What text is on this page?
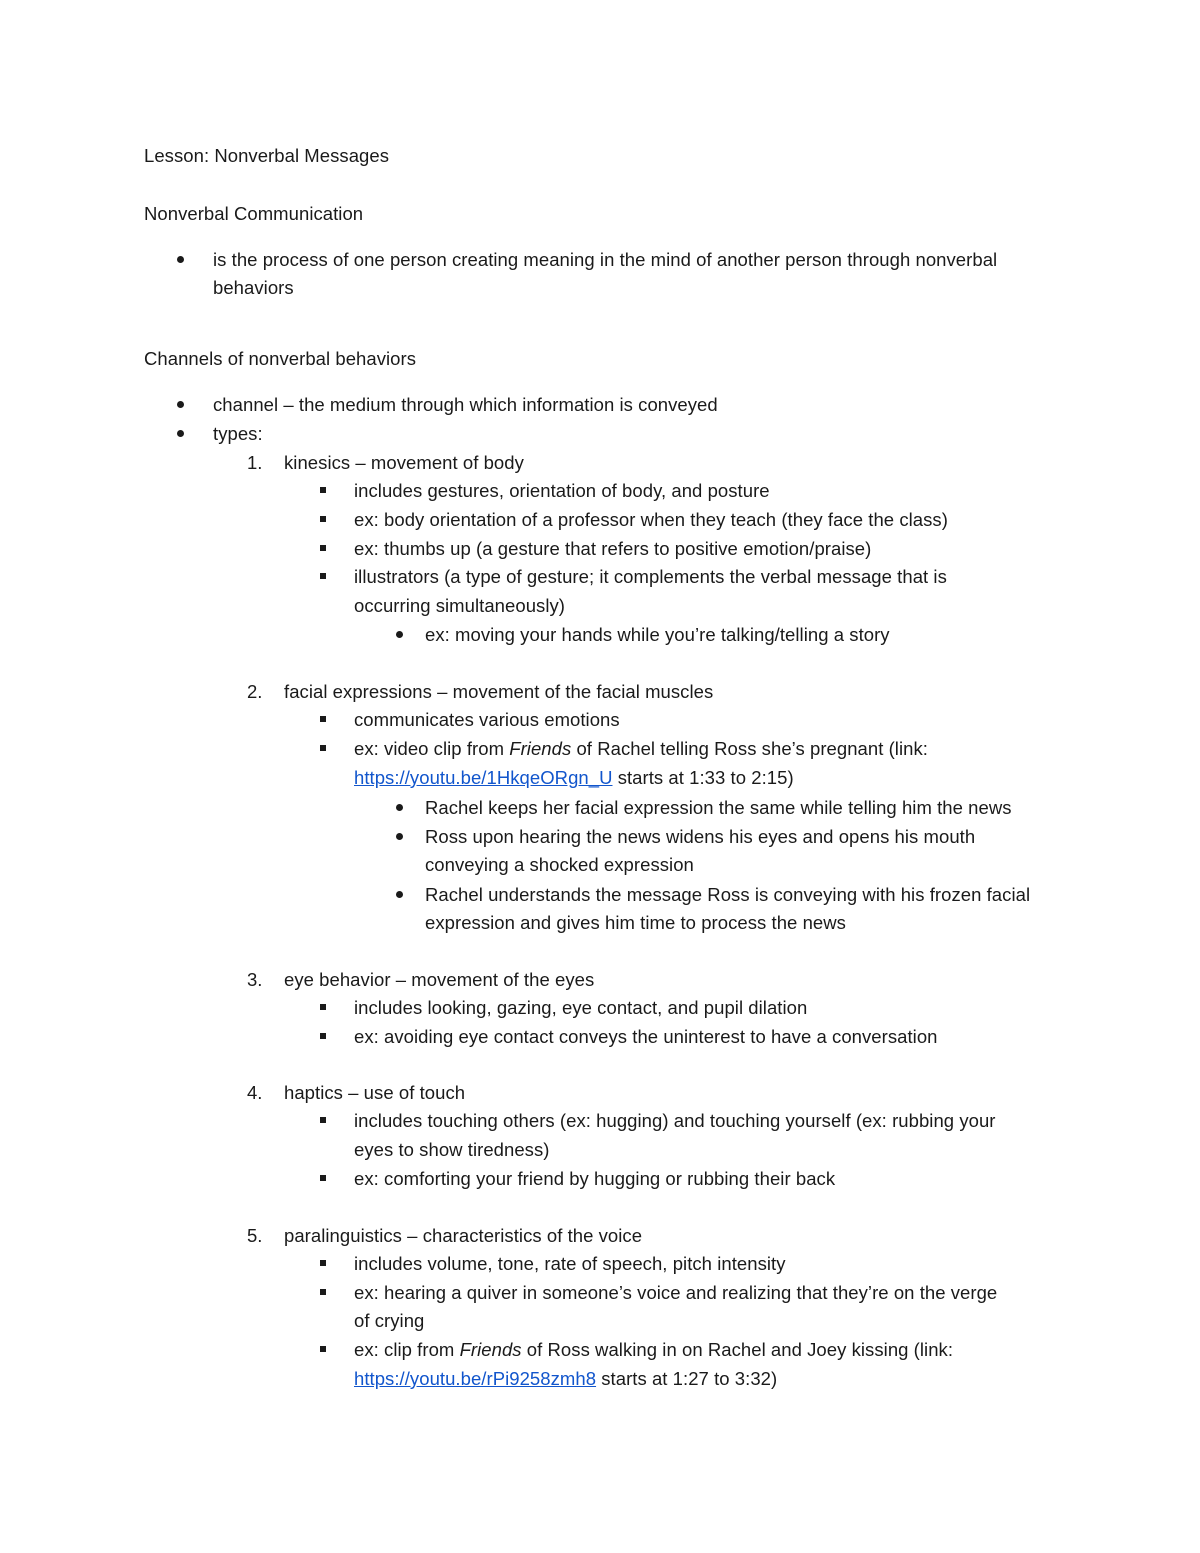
Lesson: Nonverbal Messages
Nonverbal Communication
is the process of one person creating meaning in the mind of another person through nonverbal
behaviors
Channels of nonverbal behaviors
channel – the medium through which information is conveyed
types:
1. kinesics – movement of body
includes gestures, orientation of body, and posture
ex: body orientation of a professor when they teach (they face the class)
ex: thumbs up (a gesture that refers to positive emotion/praise)
illustrators (a type of gesture; it complements the verbal message that is
occurring simultaneously)
ex: moving your hands while you’re talking/telling a story
2. facial expressions – movement of the facial muscles
communicates various emotions
ex: video clip from Friends of Rachel telling Ross she’s pregnant (link:
https://youtu.be/1HkqeORgn_U starts at 1:33 to 2:15)
Rachel keeps her facial expression the same while telling him the news
Ross upon hearing the news widens his eyes and opens his mouth
conveying a shocked expression
Rachel understands the message Ross is conveying with his frozen facial
expression and gives him time to process the news
3. eye behavior – movement of the eyes
includes looking, gazing, eye contact, and pupil dilation
ex: avoiding eye contact conveys the uninterest to have a conversation
4. haptics – use of touch
includes touching others (ex: hugging) and touching yourself (ex: rubbing your
eyes to show tiredness)
ex: comforting your friend by hugging or rubbing their back
5. paralinguistics – characteristics of the voice
includes volume, tone, rate of speech, pitch intensity
ex: hearing a quiver in someone’s voice and realizing that they’re on the verge
of crying
ex: clip from Friends of Ross walking in on Rachel and Joey kissing (link:
https://youtu.be/rPi9258zmh8 starts at 1:27 to 3:32)
